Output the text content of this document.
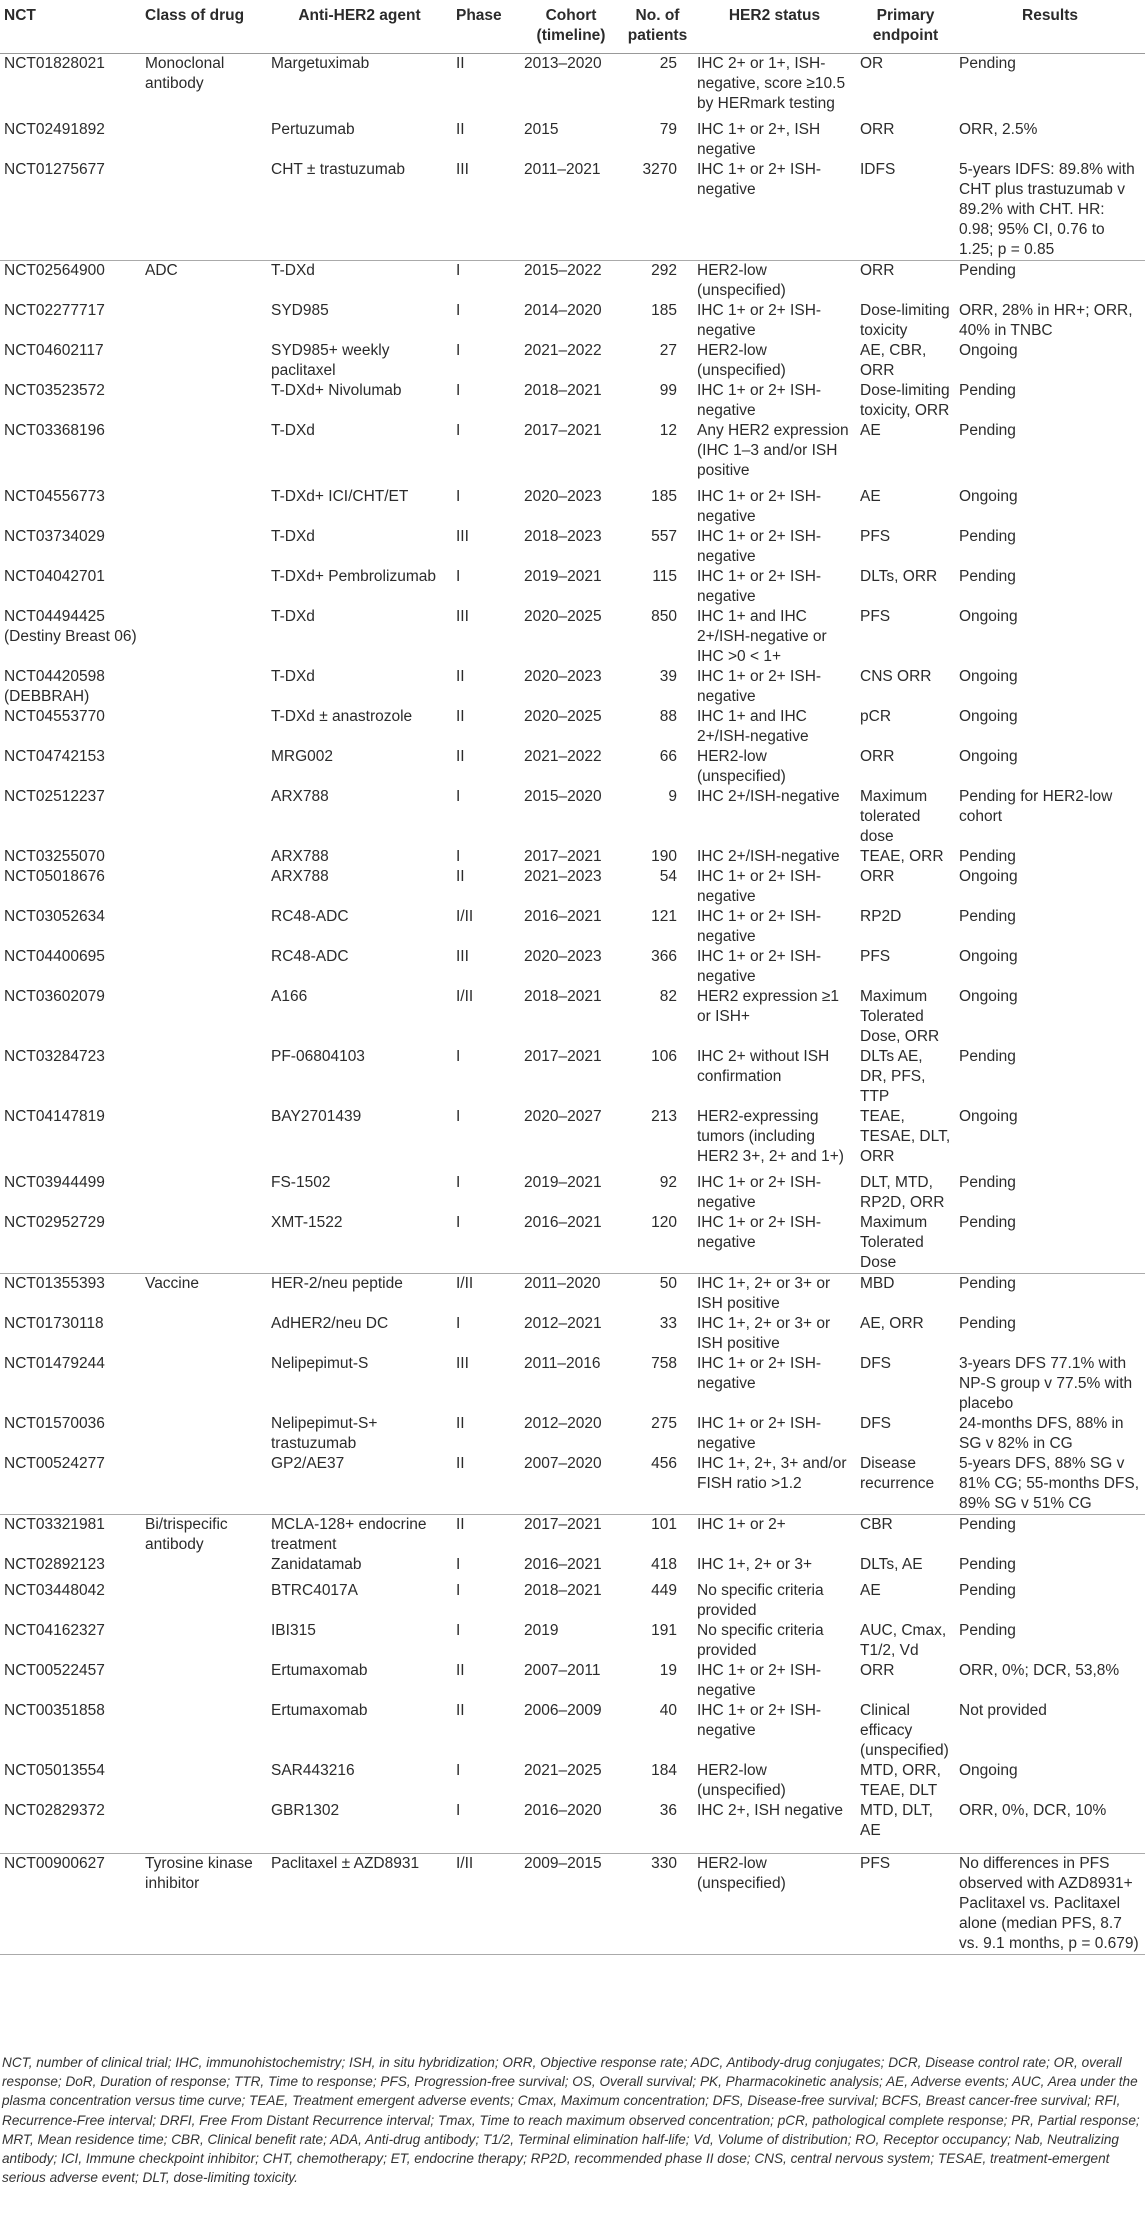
NCT	Class of drug	Anti-HER2 agent	Phase	Cohort (timeline)	No. of patients	HER2 status	Primary endpoint	Results
NCT01828021	Monoclonal antibody	Margetuximab	II	2013–2020	25	IHC 2+ or 1+, ISH-negative, score ≥10.5 by HERmark testing	OR	Pending
NCT02491892		Pertuzumab	II	2015	79	IHC 1+ or 2+, ISH negative	ORR	ORR, 2.5%
NCT01275677		CHT ± trastuzumab	III	2011–2021	3270	IHC 1+ or 2+ ISH-negative	IDFS	5-years IDFS: 89.8% with CHT plus trastuzumab v 89.2% with CHT. HR: 0.98; 95% CI, 0.76 to 1.25; p = 0.85
NCT02564900	ADC	T-DXd	I	2015–2022	292	HER2-low (unspecified)	ORR	Pending
NCT02277717		SYD985	I	2014–2020	185	IHC 1+ or 2+ ISH-negative	Dose-limiting toxicity	ORR, 28% in HR+; ORR, 40% in TNBC
NCT04602117		SYD985+ weekly paclitaxel	I	2021–2022	27	HER2-low (unspecified)	AE, CBR, ORR	Ongoing
NCT03523572		T-DXd+ Nivolumab	I	2018–2021	99	IHC 1+ or 2+ ISH-negative	Dose-limiting toxicity, ORR	Pending
NCT03368196		T-DXd	I	2017–2021	12	Any HER2 expression (IHC 1–3 and/or ISH positive	AE	Pending
NCT04556773		T-DXd+ ICI/CHT/ET	I	2020–2023	185	IHC 1+ or 2+ ISH-negative	AE	Ongoing
NCT03734029		T-DXd	III	2018–2023	557	IHC 1+ or 2+ ISH-negative	PFS	Pending
NCT04042701		T-DXd+ Pembrolizumab	I	2019–2021	115	IHC 1+ or 2+ ISH-negative	DLTs, ORR	Pending
NCT04494425 (Destiny Breast 06)		T-DXd	III	2020–2025	850	IHC 1+ and IHC 2+/ISH-negative or IHC >0 < 1+	PFS	Ongoing
NCT04420598 (DEBBRAH)		T-DXd	II	2020–2023	39	IHC 1+ or 2+ ISH-negative	CNS ORR	Ongoing
NCT04553770		T-DXd ± anastrozole	II	2020–2025	88	IHC 1+ and IHC 2+/ISH-negative	pCR	Ongoing
NCT04742153		MRG002	II	2021–2022	66	HER2-low (unspecified)	ORR	Ongoing
NCT02512237		ARX788	I	2015–2020	9	IHC 2+/ISH-negative	Maximum tolerated dose	Pending for HER2-low cohort
NCT03255070		ARX788	I	2017–2021	190	IHC 2+/ISH-negative	TEAE, ORR	Pending
NCT05018676		ARX788	II	2021–2023	54	IHC 1+ or 2+ ISH-negative	ORR	Ongoing
NCT03052634		RC48-ADC	I/II	2016–2021	121	IHC 1+ or 2+ ISH-negative	RP2D	Pending
NCT04400695		RC48-ADC	III	2020–2023	366	IHC 1+ or 2+ ISH-negative	PFS	Ongoing
NCT03602079		A166	I/II	2018–2021	82	HER2 expression ≥1 or ISH+	Maximum Tolerated Dose, ORR	Ongoing
NCT03284723		PF-06804103	I	2017–2021	106	IHC 2+ without ISH confirmation	DLTs AE, DR, PFS, TTP	Pending
NCT04147819		BAY2701439	I	2020–2027	213	HER2-expressing tumors (including HER2 3+, 2+ and 1+)	TEAE, TESAE, DLT, ORR	Ongoing
NCT03944499		FS-1502	I	2019–2021	92	IHC 1+ or 2+ ISH-negative	DLT, MTD, RP2D, ORR	Pending
NCT02952729		XMT-1522	I	2016–2021	120	IHC 1+ or 2+ ISH-negative	Maximum Tolerated Dose	Pending
NCT01355393	Vaccine	HER-2/neu peptide	I/II	2011–2020	50	IHC 1+, 2+ or 3+ or ISH positive	MBD	Pending
NCT01730118		AdHER2/neu DC	I	2012–2021	33	IHC 1+, 2+ or 3+ or ISH positive	AE, ORR	Pending
NCT01479244		Nelipepimut-S	III	2011–2016	758	IHC 1+ or 2+ ISH-negative	DFS	3-years DFS 77.1% with NP-S group v 77.5% with placebo
NCT01570036		Nelipepimut-S+ trastuzumab	II	2012–2020	275	IHC 1+ or 2+ ISH-negative	DFS	24-months DFS, 88% in SG v 82% in CG
NCT00524277		GP2/AE37	II	2007–2020	456	IHC 1+, 2+, 3+ and/or FISH ratio >1.2	Disease recurrence	5-years DFS, 88% SG v 81% CG; 55-months DFS, 89% SG v 51% CG
NCT03321981	Bi/trispecific antibody	MCLA-128+ endocrine treatment	II	2017–2021	101	IHC 1+ or 2+	CBR	Pending
NCT02892123		Zanidatamab	I	2016–2021	418	IHC 1+, 2+ or 3+	DLTs, AE	Pending
NCT03448042		BTRC4017A	I	2018–2021	449	No specific criteria provided	AE	Pending
NCT04162327		IBI315	I	2019	191	No specific criteria provided	AUC, Cmax, T1/2, Vd	Pending
NCT00522457		Ertumaxomab	II	2007–2011	19	IHC 1+ or 2+ ISH-negative	ORR	ORR, 0%; DCR, 53,8%
NCT00351858		Ertumaxomab	II	2006–2009	40	IHC 1+ or 2+ ISH-negative	Clinical efficacy (unspecified)	Not provided
NCT05013554		SAR443216	I	2021–2025	184	HER2-low (unspecified)	MTD, ORR, TEAE, DLT	Ongoing
NCT02829372		GBR1302	I	2016–2020	36	IHC 2+, ISH negative	MTD, DLT, AE	ORR, 0%, DCR, 10%
NCT00900627	Tyrosine kinase inhibitor	Paclitaxel ± AZD8931	I/II	2009–2015	330	HER2-low (unspecified)	PFS	No differences in PFS observed with AZD8931+ Paclitaxel vs. Paclitaxel alone (median PFS, 8.7 vs. 9.1 months, p = 0.679)
NCT, number of clinical trial; IHC, immunohistochemistry; ISH, in situ hybridization; ORR, Objective response rate; ADC, Antibody-drug conjugates; DCR, Disease control rate; OR, overall response; DoR, Duration of response; TTR, Time to response; PFS, Progression-free survival; OS, Overall survival; PK, Pharmacokinetic analysis; AE, Adverse events; AUC, Area under the plasma concentration versus time curve; TEAE, Treatment emergent adverse events; Cmax, Maximum concentration; DFS, Disease-free survival; BCFS, Breast cancer-free survival; RFI, Recurrence-Free interval; DRFI, Free From Distant Recurrence interval; Tmax, Time to reach maximum observed concentration; pCR, pathological complete response; PR, Partial response; MRT, Mean residence time; CBR, Clinical benefit rate; ADA, Anti-drug antibody; T1/2, Terminal elimination half-life; Vd, Volume of distribution; RO, Receptor occupancy; Nab, Neutralizing antibody; ICI, Immune checkpoint inhibitor; CHT, chemotherapy; ET, endocrine therapy; RP2D, recommended phase II dose; CNS, central nervous system; TESAE, treatment-emergent serious adverse event; DLT, dose-limiting toxicity.
